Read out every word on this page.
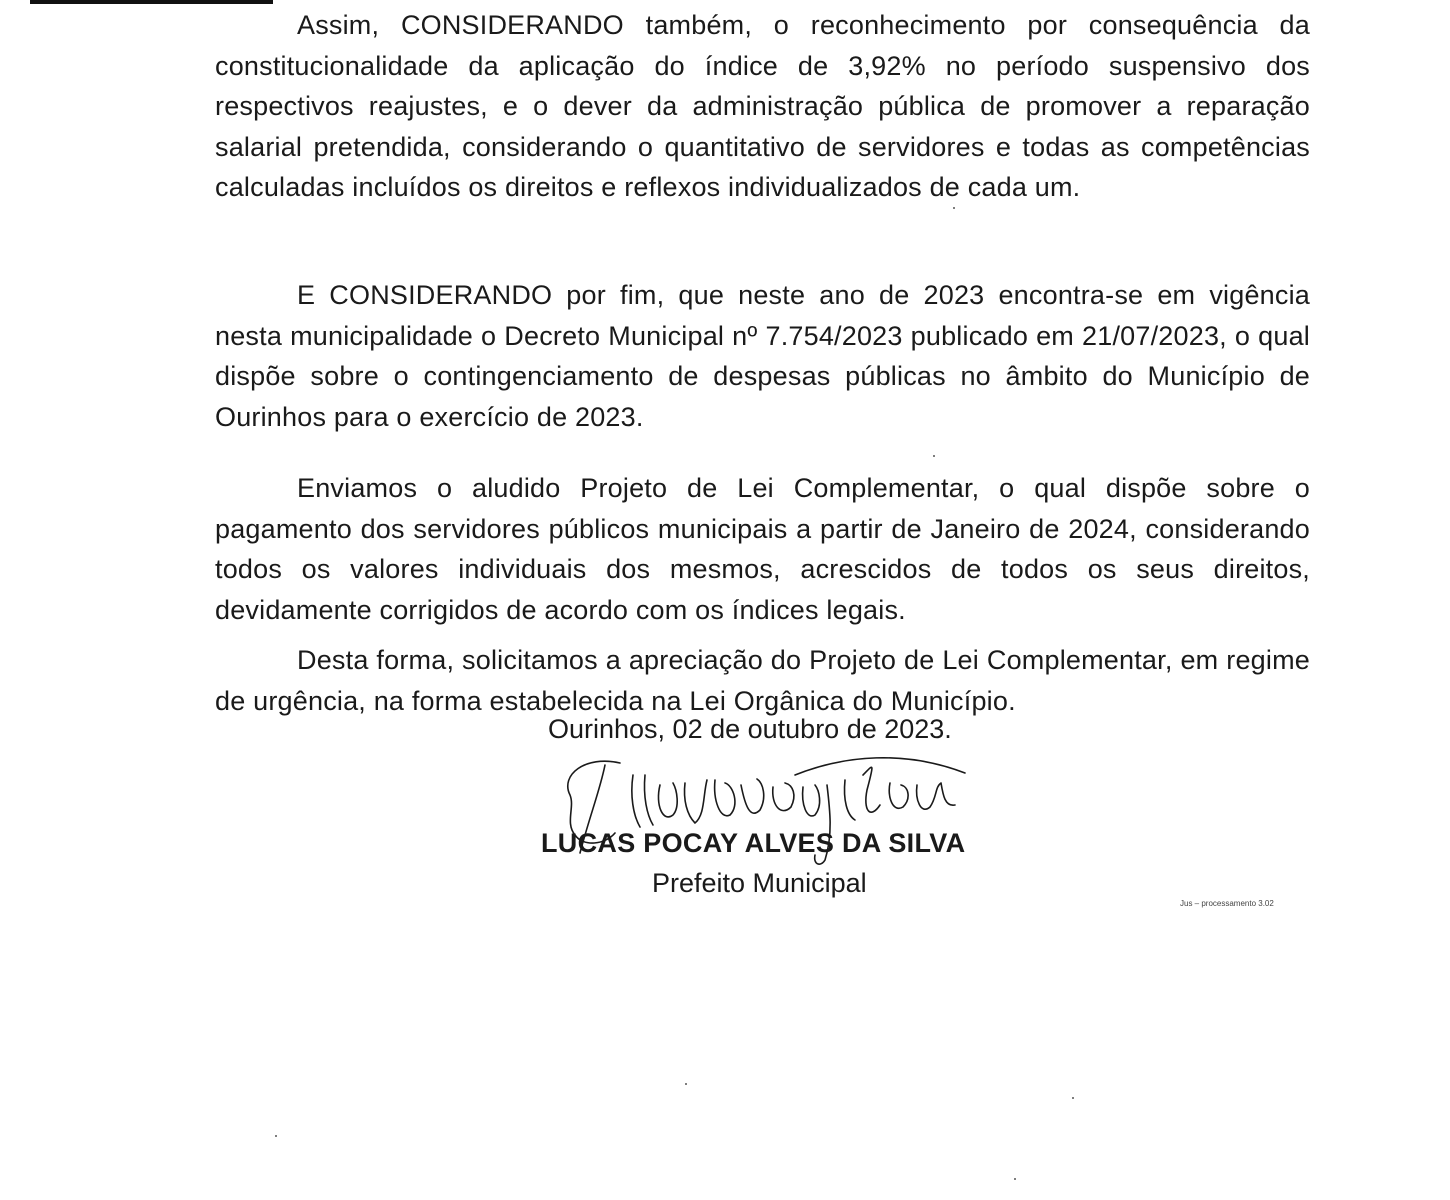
Assim, CONSIDERANDO também, o reconhecimento por consequência da constitucionalidade da aplicação do índice de 3,92% no período suspensivo dos respectivos reajustes, e o dever da administração pública de promover a reparação salarial pretendida, considerando o quantitativo de servidores e todas as competências calculadas incluídos os direitos e reflexos individualizados de cada um.

E CONSIDERANDO por fim, que neste ano de 2023 encontra-se em vigência nesta municipalidade o Decreto Municipal nº 7.754/2023 publicado em 21/07/2023, o qual dispõe sobre o contingenciamento de despesas públicas no âmbito do Município de Ourinhos para o exercício de 2023.

Enviamos o aludido Projeto de Lei Complementar, o qual dispõe sobre o pagamento dos servidores públicos municipais a partir de Janeiro de 2024, considerando todos os valores individuais dos mesmos, acrescidos de todos os seus direitos, devidamente corrigidos de acordo com os índices legais.

Desta forma, solicitamos a apreciação do Projeto de Lei Complementar, em regime de urgência, na forma estabelecida na Lei Orgânica do Município.

Ourinhos, 02 de outubro de 2023.

LUCAS POCAY ALVES DA SILVA

Prefeito Municipal

Jus – processamento 3.02
